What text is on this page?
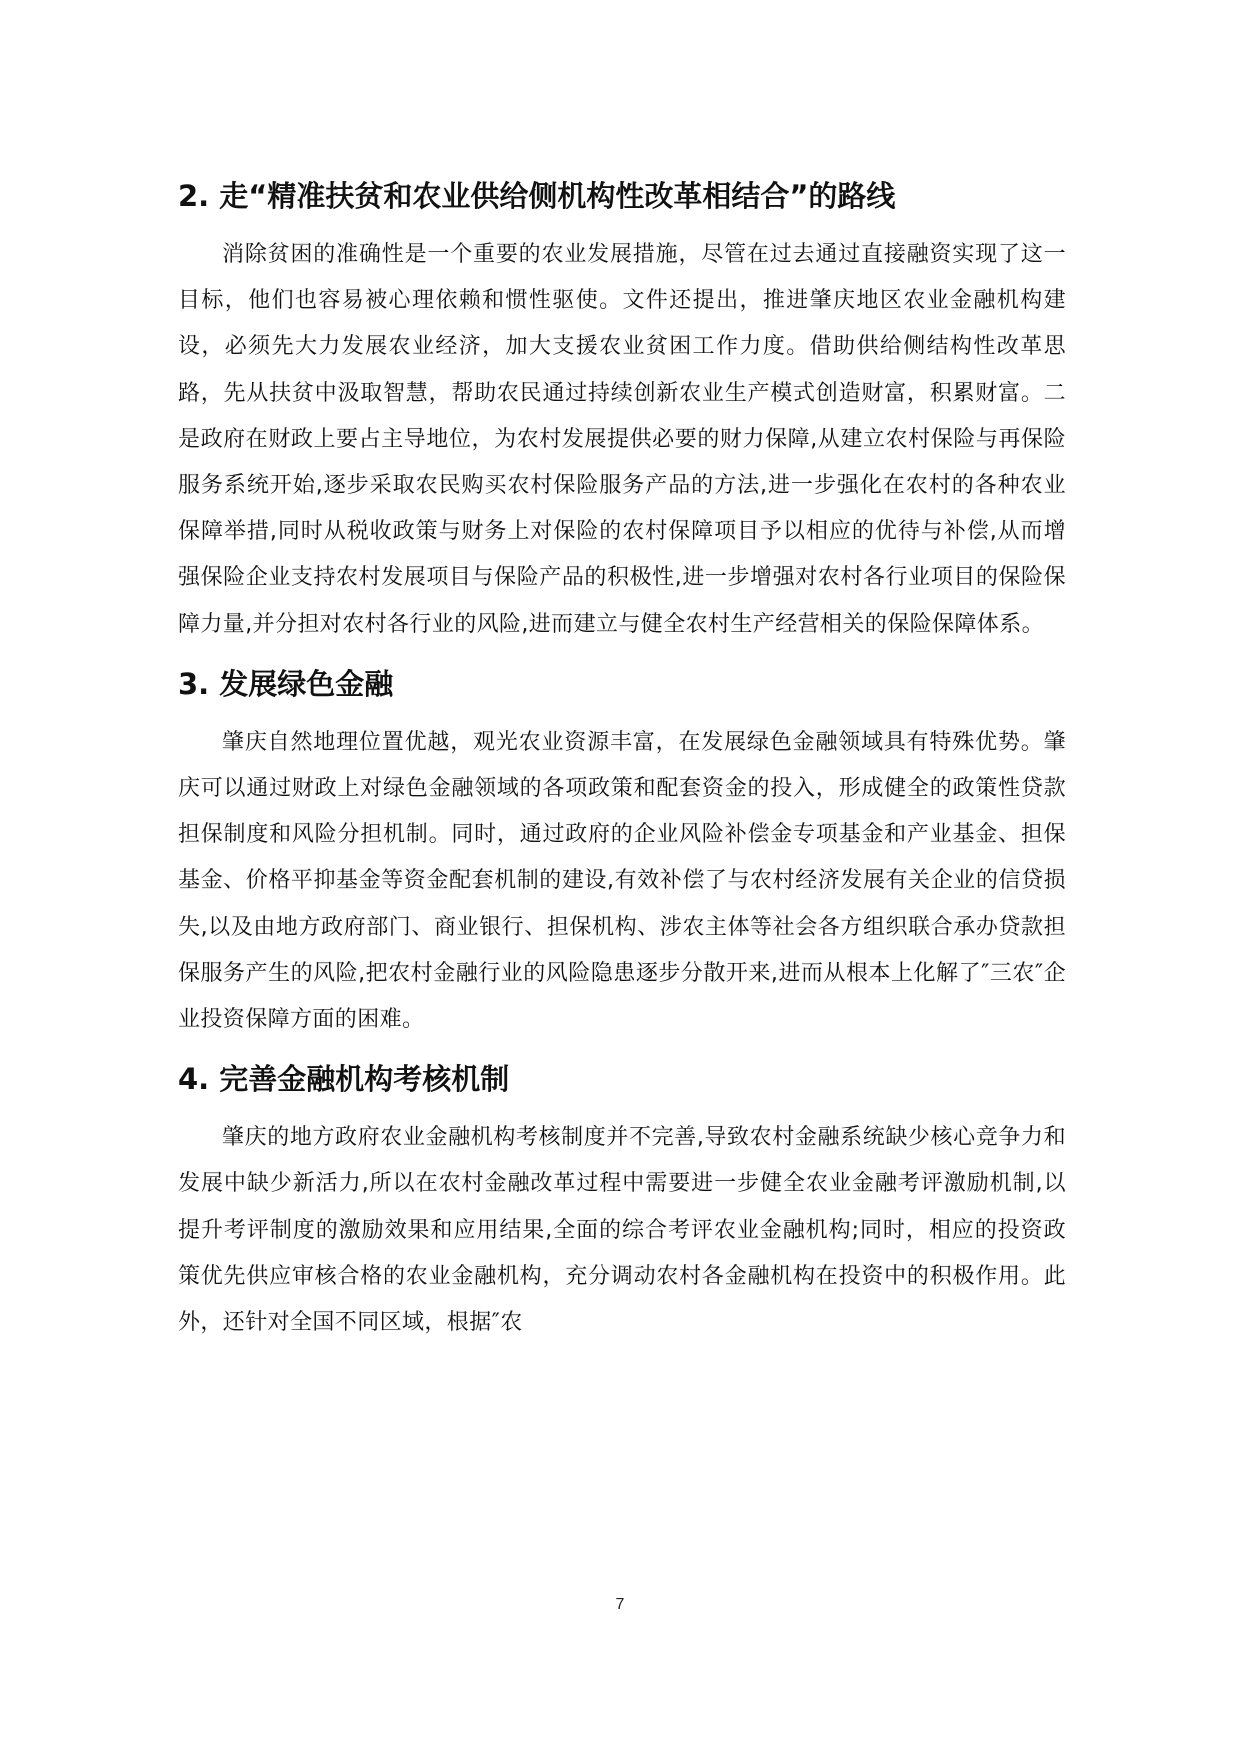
2. 走“精准扶贫和农业供给侧机构性改革相结合”的路线

消除贫困的准确性是一个重要的农业发展措施，尽管在过去通过直接融资实现了这一目标，他们也容易被心理依赖和惯性驱使。文件还提出，推进肇庆地区农业金融机构建设，必须先大力发展农业经济，加大支援农业贫困工作力度。借助供给侧结构性改革思路，先从扶贫中汲取智慧，帮助农民通过持续创新农业生产模式创造财富，积累财富。二是政府在财政上要占主导地位，为农村发展提供必要的财力保障,从建立农村保险与再保险服务系统开始,逐步采取农民购买农村保险服务产品的方法,进一步强化在农村的各种农业保障举措,同时从税收政策与财务上对保险的农村保障项目予以相应的优待与补偿,从而增强保险企业支持农村发展项目与保险产品的积极性,进一步增强对农村各行业项目的保险保障力量,并分担对农村各行业的风险,进而建立与健全农村生产经营相关的保险保障体系。

3. 发展绿色金融

肇庆自然地理位置优越，观光农业资源丰富，在发展绿色金融领域具有特殊优势。肇庆可以通过财政上对绿色金融领域的各项政策和配套资金的投入，形成健全的政策性贷款担保制度和风险分担机制。同时，通过政府的企业风险补偿金专项基金和产业基金、担保基金、价格平抑基金等资金配套机制的建设,有效补偿了与农村经济发展有关企业的信贷损失,以及由地方政府部门、商业银行、担保机构、涉农主体等社会各方组织联合承办贷款担保服务产生的风险,把农村金融行业的风险隐患逐步分散开来,进而从根本上化解了″三农″企业投资保障方面的困难。

4. 完善金融机构考核机制

肇庆的地方政府农业金融机构考核制度并不完善,导致农村金融系统缺少核心竞争力和发展中缺少新活力,所以在农村金融改革过程中需要进一步健全农业金融考评激励机制,以提升考评制度的激励效果和应用结果,全面的综合考评农业金融机构;同时，相应的投资政策优先供应审核合格的农业金融机构，充分调动农村各金融机构在投资中的积极作用。此外，还针对全国不同区域，根据″农

7
